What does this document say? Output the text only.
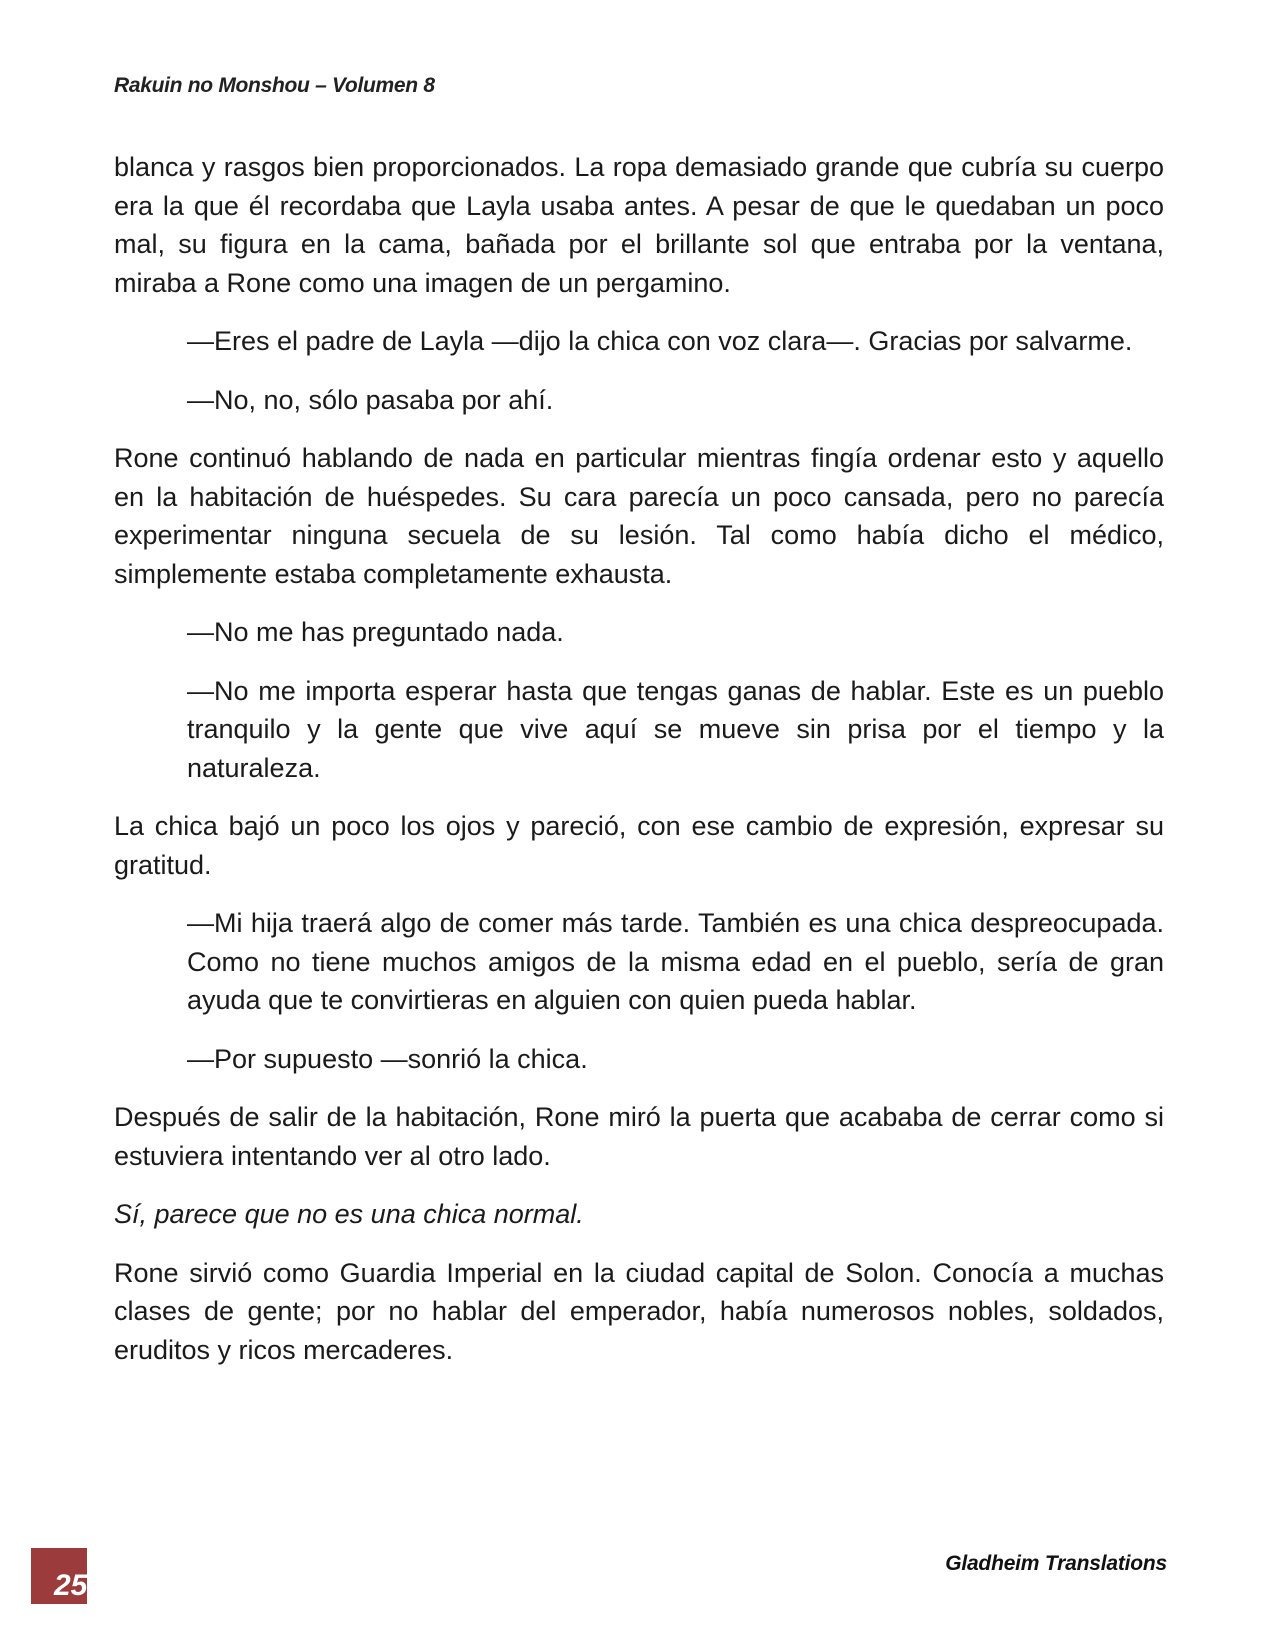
Rakuin no Monshou – Volumen 8

blanca y rasgos bien proporcionados. La ropa demasiado grande que cubría su cuerpo era la que él recordaba que Layla usaba antes. A pesar de que le quedaban un poco mal, su figura en la cama, bañada por el brillante sol que entraba por la ventana, miraba a Rone como una imagen de un pergamino.

—Eres el padre de Layla —dijo la chica con voz clara—. Gracias por salvarme.

—No, no, sólo pasaba por ahí.

Rone continuó hablando de nada en particular mientras fingía ordenar esto y aquello en la habitación de huéspedes. Su cara parecía un poco cansada, pero no parecía experimentar ninguna secuela de su lesión. Tal como había dicho el médico, simplemente estaba completamente exhausta.

—No me has preguntado nada.

—No me importa esperar hasta que tengas ganas de hablar. Este es un pueblo tranquilo y la gente que vive aquí se mueve sin prisa por el tiempo y la naturaleza.

La chica bajó un poco los ojos y pareció, con ese cambio de expresión, expresar su gratitud.

—Mi hija traerá algo de comer más tarde. También es una chica despreocupada. Como no tiene muchos amigos de la misma edad en el pueblo, sería de gran ayuda que te convirtieras en alguien con quien pueda hablar.

—Por supuesto —sonrió la chica.

Después de salir de la habitación, Rone miró la puerta que acababa de cerrar como si estuviera intentando ver al otro lado.

Sí, parece que no es una chica normal.

Rone sirvió como Guardia Imperial en la ciudad capital de Solon. Conocía a muchas clases de gente; por no hablar del emperador, había numerosos nobles, soldados, eruditos y ricos mercaderes.

25
Gladheim Translations
